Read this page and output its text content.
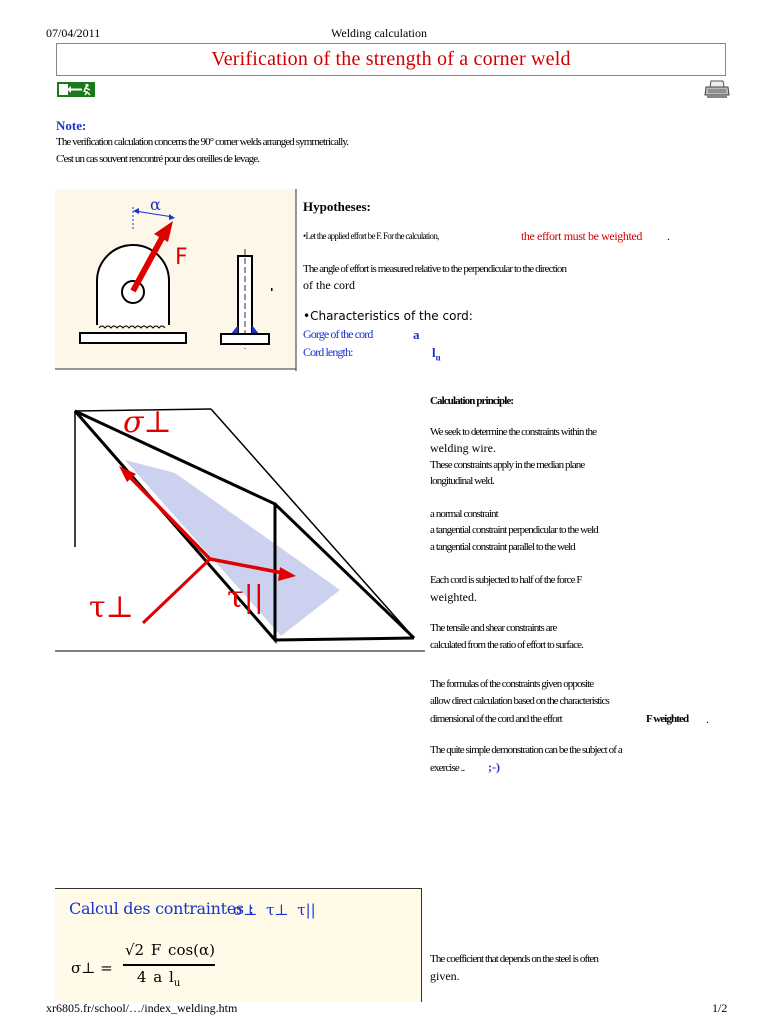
07/04/2011	Welding calculation
Verification of the strength of a corner weld
Note:
The verification calculation concerns the 90° corner welds arranged symmetrically.
C'est un cas souvent rencontré pour des oreilles de levage.
α
F
Hypotheses:
•Let the applied effort be F. For the calculation,	the effort must be weighted .
The angle of effort is measured relative to the perpendicular to the direction
of the cord
•Characteristics of the cord:
Gorge of the cord	a
Cord length:	$l_u$
σ⊥
τ⊥	τ||
Calculation principle:
We seek to determine the constraints within the
welding wire.
These constraints apply in the median plane
longitudinal weld.
a normal constraint
a tangential constraint perpendicular to the weld
a tangential constraint parallel to the weld
Each cord is subjected to half of the force F
weighted.
The tensile and shear constraints are
calculated from the ratio of effort to surface.
The formulas of the constraints given opposite
allow direct calculation based on the characteristics
dimensional of the cord and the effort	F weighted .
The quite simple demonstration can be the subject of a
exercise .. ;-)
Calcul des contraintes :
σ⊥ τ⊥ τ||
σ⊥ =
√2 F cos(α)
4 a $l_u$
The coefficient that depends on the steel is often
given.
xr6805.fr/school/…/index_welding.htm	1/2
